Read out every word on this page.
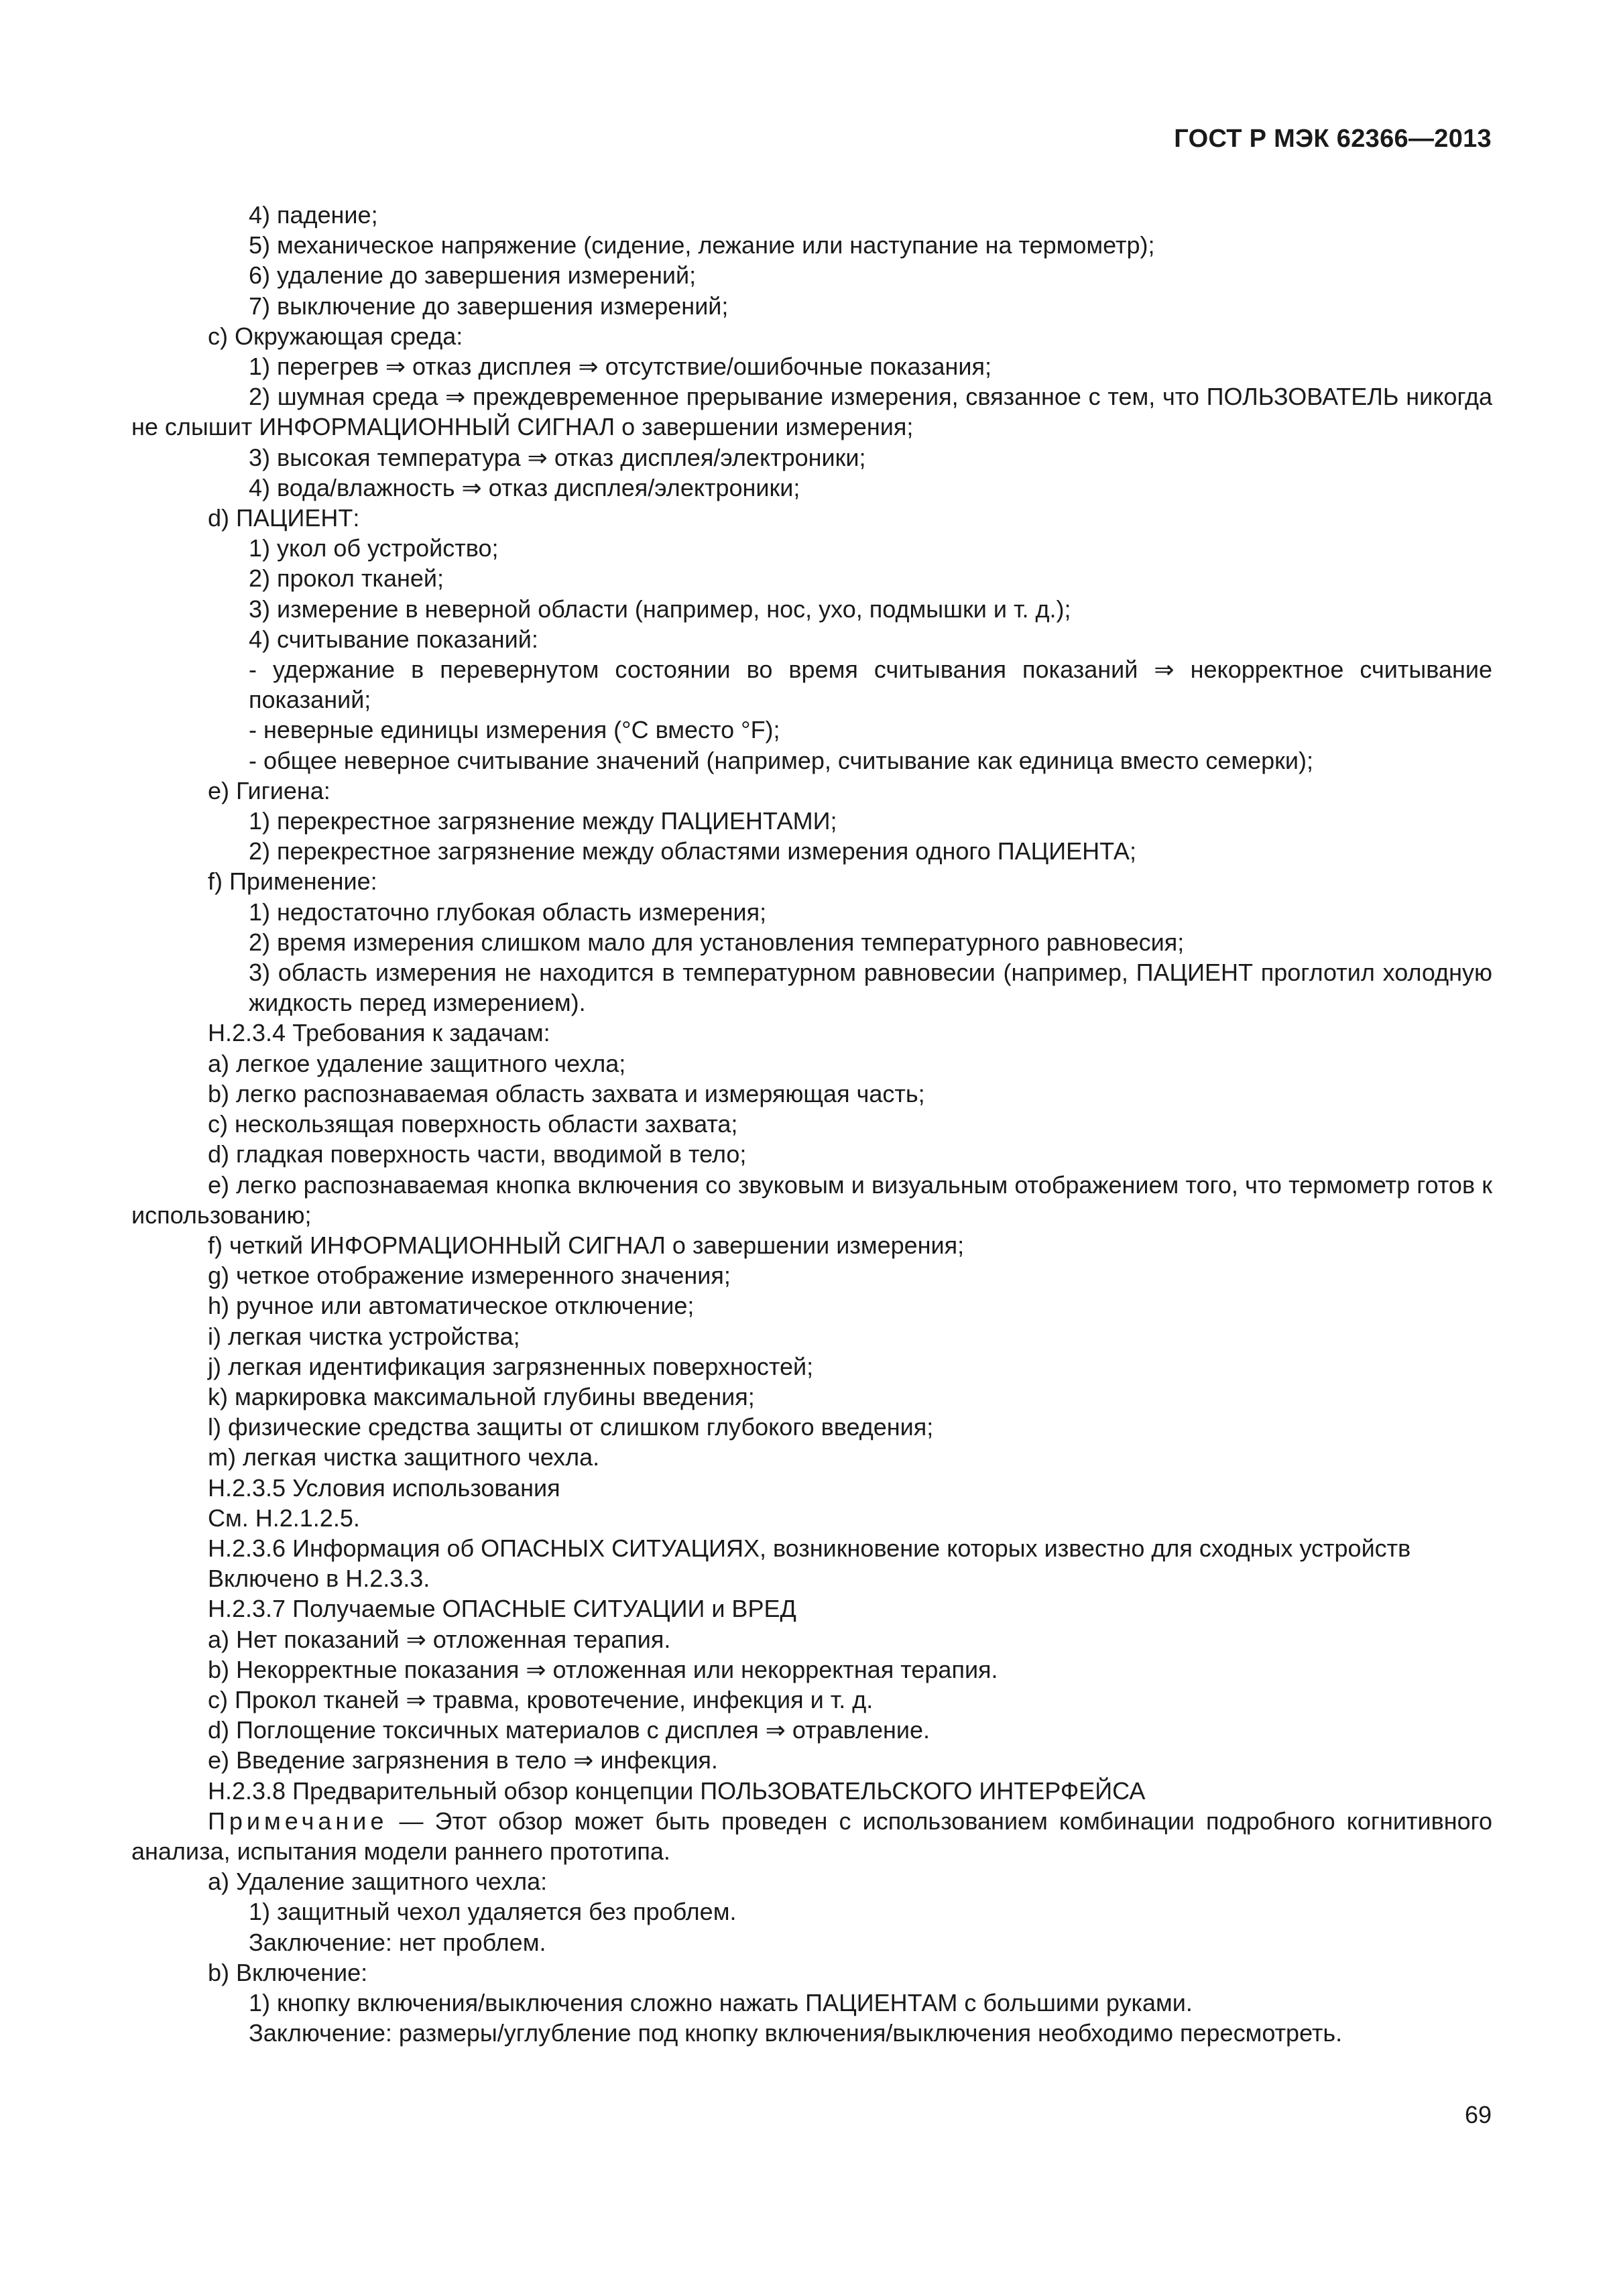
ГОСТ Р МЭК 62366—2013
4) падение;
5) механическое напряжение (сидение, лежание или наступание на термометр);
6) удаление до завершения измерений;
7) выключение до завершения измерений;
с) Окружающая среда:
1) перегрев ⇒ отказ дисплея ⇒ отсутствие/ошибочные показания;
2) шумная среда ⇒ преждевременное прерывание измерения, связанное с тем, что ПОЛЬЗОВАТЕЛЬ никогда не слышит ИНФОРМАЦИОННЫЙ СИГНАЛ о завершении измерения;
3) высокая температура ⇒ отказ дисплея/электроники;
4) вода/влажность ⇒ отказ дисплея/электроники;
d) ПАЦИЕНТ:
1) укол об устройство;
2) прокол тканей;
3) измерение в неверной области (например, нос, ухо, подмышки и т. д.);
4) считывание показаний:
- удержание в перевернутом состоянии во время считывания показаний ⇒ некорректное считывание показаний;
- неверные единицы измерения (°С вместо °F);
- общее неверное считывание значений (например, считывание как единица вместо семерки);
е) Гигиена:
1) перекрестное загрязнение между ПАЦИЕНТАМИ;
2) перекрестное загрязнение между областями измерения одного ПАЦИЕНТА;
f) Применение:
1) недостаточно глубокая область измерения;
2) время измерения слишком мало для установления температурного равновесия;
3) область измерения не находится в температурном равновесии (например, ПАЦИЕНТ проглотил холодную жидкость перед измерением).
Н.2.3.4 Требования к задачам:
а) легкое удаление защитного чехла;
b) легко распознаваемая область захвата и измеряющая часть;
с) нескользящая поверхность области захвата;
d) гладкая поверхность части, вводимой в тело;
е) легко распознаваемая кнопка включения со звуковым и визуальным отображением того, что термометр готов к использованию;
f) четкий ИНФОРМАЦИОННЫЙ СИГНАЛ о завершении измерения;
g) четкое отображение измеренного значения;
h) ручное или автоматическое отключение;
i) легкая чистка устройства;
j) легкая идентификация загрязненных поверхностей;
k) маркировка максимальной глубины введения;
l) физические средства защиты от слишком глубокого введения;
m) легкая чистка защитного чехла.
Н.2.3.5 Условия использования
См. Н.2.1.2.5.
Н.2.3.6 Информация об ОПАСНЫХ СИТУАЦИЯХ, возникновение которых известно для сходных устройств
Включено в Н.2.3.3.
Н.2.3.7 Получаемые ОПАСНЫЕ СИТУАЦИИ и ВРЕД
а) Нет показаний ⇒ отложенная терапия.
b) Некорректные показания ⇒ отложенная или некорректная терапия.
с) Прокол тканей ⇒ травма, кровотечение, инфекция и т. д.
d) Поглощение токсичных материалов с дисплея ⇒ отравление.
е) Введение загрязнения в тело ⇒ инфекция.
Н.2.3.8 Предварительный обзор концепции ПОЛЬЗОВАТЕЛЬСКОГО ИНТЕРФЕЙСА
Примечание — Этот обзор может быть проведен с использованием комбинации подробного когнитивного анализа, испытания модели раннего прототипа.
а) Удаление защитного чехла:
1) защитный чехол удаляется без проблем.
Заключение: нет проблем.
b) Включение:
1) кнопку включения/выключения сложно нажать ПАЦИЕНТАМ с большими руками.
Заключение: размеры/углубление под кнопку включения/выключения необходимо пересмотреть.
69
